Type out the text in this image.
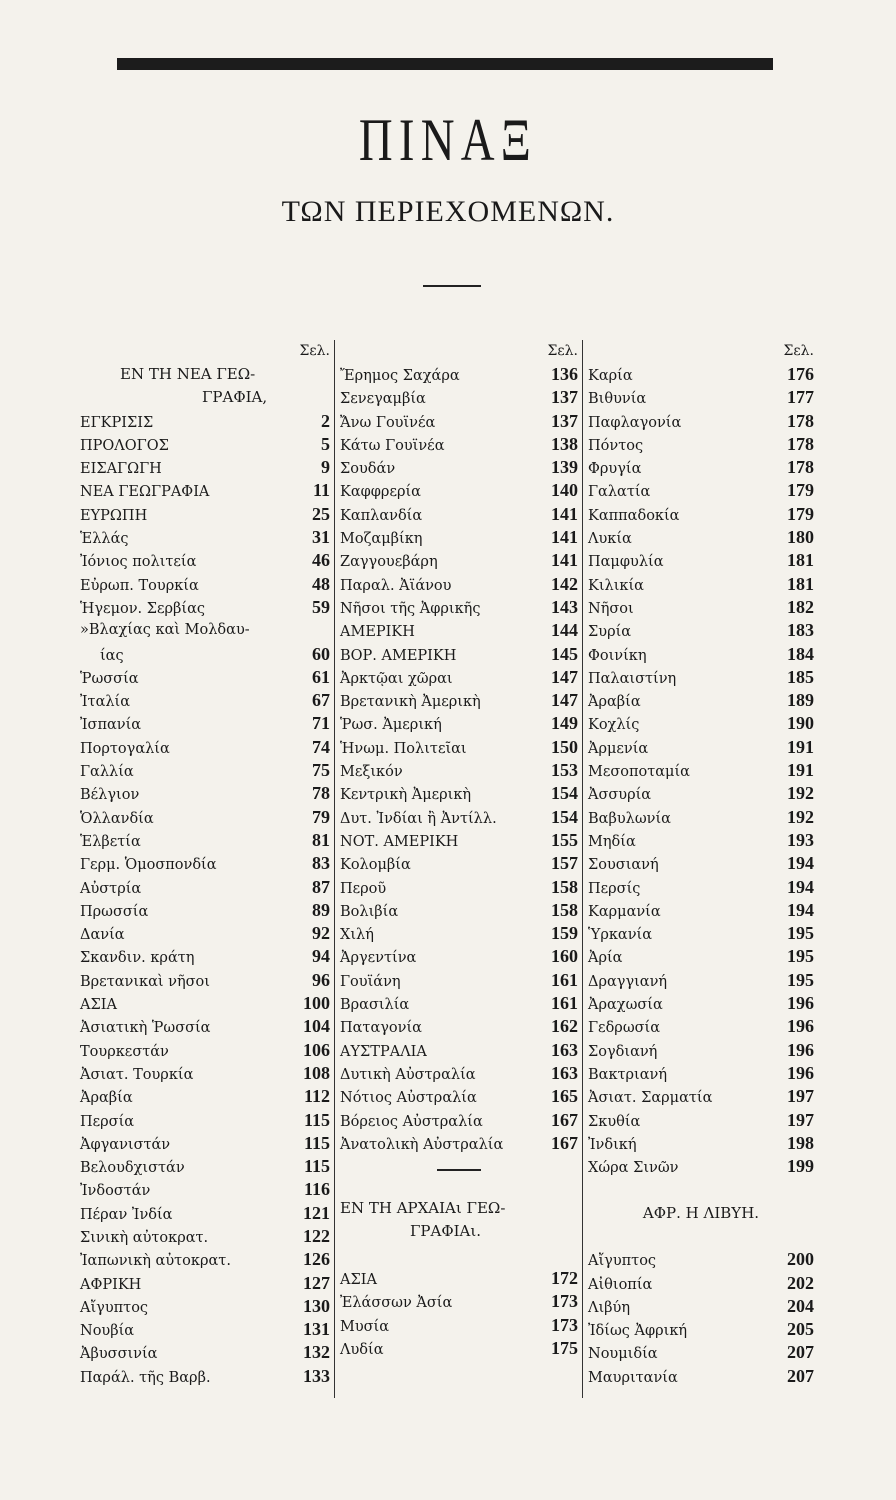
ΠΙΝΑΞ
ΤΩΝ ΠΕΡΙΕΧΟΜΕΝΩΝ.
Σελ.
ΕΝ ΤΗ ΝΕΑ ΓΕΩ-
ΓΡΑΦΙΑ,
ΕΓΚΡΙΣΙΣ	2
ΠΡΟΛΟΓΟΣ	5
ΕΙΣΑΓΩΓΗ	9
ΝΕΑ ΓΕΩΓΡΑΦΙΑ	11
ΕΥΡΩΠΗ	25
Ἑλλάς	31
Ἰόνιος πολιτεία	46
Εὐρωπ. Τουρκία	48
Ἡγεμον. Σερβίας	59
»Βλαχίας καὶ Μολδαυ-
ίας	60
Ῥωσσία	61
Ἰταλία	67
Ἰσπανία	71
Πορτογαλία	74
Γαλλία	75
Βέλγιον	78
Ὁλλανδία	79
Ἑλβετία	81
Γερμ. Ὁμοσπονδία	83
Αὐστρία	87
Πρωσσία	89
Δανία	92
Σκανδιν. κράτη	94
Βρετανικαὶ νῆσοι	96
ΑΣΙΑ	100
Ἀσιατικὴ Ῥωσσία	104
Τουρκεστάν	106
Ἀσιατ. Τουρκία	108
Ἀραβία	112
Περσία	115
Ἀφγανιστάν	115
Βελουδχιστάν	115
Ἰνδοστάν	116
Πέραν Ἰνδία	121
Σινικὴ αὐτοκρατ.	122
Ἰαπωνικὴ αὐτοκρατ.	126
ΑΦΡΙΚΗ	127
Αἴγυπτος	130
Νουβία	131
Ἀβυσσινία	132
Παράλ. τῆς Βαρβ.	133
Σελ.
Ἔρημος Σαχάρα	136
Σενεγαμβία	137
Ἄνω Γουϊνέα	137
Κάτω Γουϊνέα	138
Σουδάν	139
Καφφρερία	140
Καπλανδία	141
Μοζαμβίκη	141
Ζαγγουεβάρη	141
Παραλ. Ἀϊάνου	142
Νῆσοι τῆς Ἀφρικῆς	143
ΑΜΕΡΙΚΗ	144
ΒΟΡ. ΑΜΕΡΙΚΗ	145
Ἀρκτῷαι χῶραι	147
Βρετανικὴ Ἀμερικὴ	147
Ῥωσ. Ἀμερική	149
Ἡνωμ. Πολιτεῖαι	150
Μεξικόν	153
Κεντρικὴ Ἀμερικὴ	154
Δυτ. Ἰνδίαι ἢ Ἀντίλλ.	154
ΝΟΤ. ΑΜΕΡΙΚΗ	155
Κολομβία	157
Περοῦ	158
Βολιβία	158
Χιλή	159
Ἀργεντίνα	160
Γουϊάνη	161
Βρασιλία	161
Παταγονία	162
ΑΥΣΤΡΑΛΙΑ	163
Δυτικὴ Αὐστραλία	163
Νότιος Αὐστραλία	165
Βόρειος Αὐστραλία	167
Ἀνατολικὴ Αὐστραλία	167
ΕΝ ΤΗ ΑΡΧΑΙΑι ΓΕΩ-
ΓΡΑΦΙΑι.
ΑΣΙΑ	172
Ἐλάσσων Ἀσία	173
Μυσία	173
Λυδία	175
Σελ.
Καρία	176
Βιθυνία	177
Παφλαγονία	178
Πόντος	178
Φρυγία	178
Γαλατία	179
Καππαδοκία	179
Λυκία	180
Παμφυλία	181
Κιλικία	181
Νῆσοι	182
Συρία	183
Φοινίκη	184
Παλαιστίνη	185
Ἀραβία	189
Κοχλίς	190
Ἀρμενία	191
Μεσοποταμία	191
Ἀσσυρία	192
Βαβυλωνία	192
Μηδία	193
Σουσιανή	194
Περσίς	194
Καρμανία	194
Ὑρκανία	195
Ἀρία	195
Δραγγιανή	195
Ἀραχωσία	196
Γεδρωσία	196
Σογδιανή	196
Βακτριανή	196
Ἀσιατ. Σαρματία	197
Σκυθία	197
Ἰνδική	198
Χώρα Σινῶν	199
ΑΦΡ. Η ΛΙΒΥΗ.
Αἴγυπτος	200
Αἰθιοπία	202
Λιβύη	204
Ἰδίως Ἀφρική	205
Νουμιδία	207
Μαυριτανία	207
